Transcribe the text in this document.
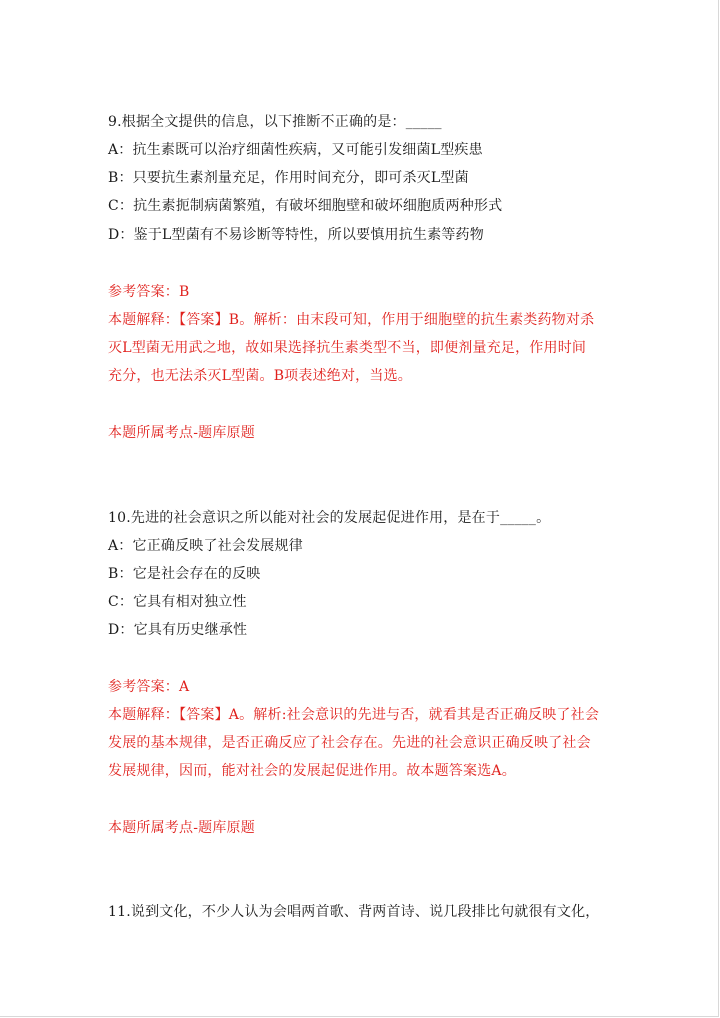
9.根据全文提供的信息，以下推断不正确的是：_____
A：抗生素既可以治疗细菌性疾病，又可能引发细菌L型疾患
B：只要抗生素剂量充足，作用时间充分，即可杀灭L型菌
C：抗生素扼制病菌繁殖，有破坏细胞壁和破坏细胞质两种形式
D：鉴于L型菌有不易诊断等特性，所以要慎用抗生素等药物
参考答案：B
本题解释：【答案】B。解析：由末段可知，作用于细胞壁的抗生素类药物对杀
灭L型菌无用武之地，故如果选择抗生素类型不当，即便剂量充足，作用时间
充分，也无法杀灭L型菌。B项表述绝对，当选。
本题所属考点-题库原题
10.先进的社会意识之所以能对社会的发展起促进作用，是在于_____。
A：它正确反映了社会发展规律
B：它是社会存在的反映
C：它具有相对独立性
D：它具有历史继承性
参考答案：A
本题解释：【答案】A。解析:社会意识的先进与否，就看其是否正确反映了社会
发展的基本规律，是否正确反应了社会存在。先进的社会意识正确反映了社会
发展规律，因而，能对社会的发展起促进作用。故本题答案选A。
本题所属考点-题库原题
11.说到文化，不少人认为会唱两首歌、背两首诗、说几段排比句就很有文化，
